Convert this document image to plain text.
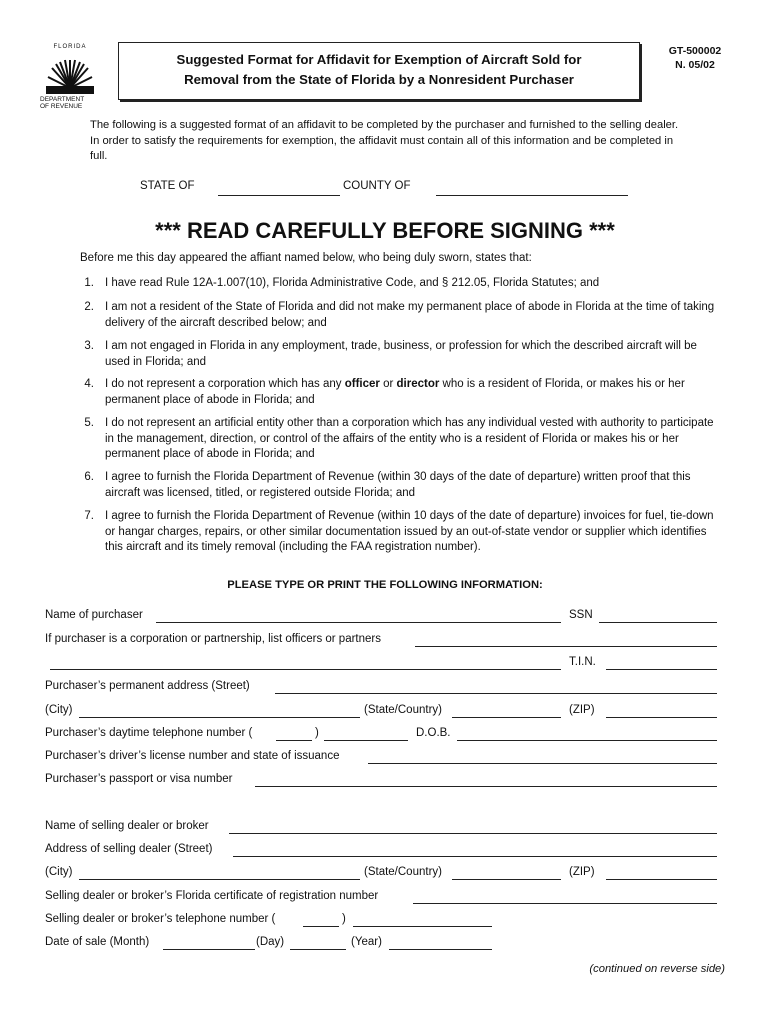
FLORIDA
DEPARTMENT
OF REVENUE
Suggested Format for Affidavit for Exemption of Aircraft Sold for
Removal from the State of Florida by a Nonresident Purchaser
GT-500002
N. 05/02
The following is a suggested format of an affidavit to be completed by the purchaser and furnished to the selling dealer. In order to satisfy the requirements for exemption, the affidavit must contain all of this information and be completed in full.
STATE OF	COUNTY OF
*** READ CAREFULLY BEFORE SIGNING ***
Before me this day appeared the affiant named below, who being duly sworn, states that:
1. I have read Rule 12A-1.007(10), Florida Administrative Code, and § 212.05, Florida Statutes; and
2. I am not a resident of the State of Florida and did not make my permanent place of abode in Florida at the time of taking delivery of the aircraft described below; and
3. I am not engaged in Florida in any employment, trade, business, or profession for which the described aircraft will be used in Florida; and
4. I do not represent a corporation which has any officer or director who is a resident of Florida, or makes his or her permanent place of abode in Florida; and
5. I do not represent an artificial entity other than a corporation which has any individual vested with authority to participate in the management, direction, or control of the affairs of the entity who is a resident of Florida or makes his or her permanent place of abode in Florida; and
6. I agree to furnish the Florida Department of Revenue (within 30 days of the date of departure) written proof that this aircraft was licensed, titled, or registered outside Florida; and
7. I agree to furnish the Florida Department of Revenue (within 10 days of the date of departure) invoices for fuel, tie-down or hangar charges, repairs, or other similar documentation issued by an out-of-state vendor or supplier which identifies this aircraft and its timely removal (including the FAA registration number).
PLEASE TYPE OR PRINT THE FOLLOWING INFORMATION:
Name of purchaser	SSN
If purchaser is a corporation or partnership, list officers or partners
T.I.N.
Purchaser’s permanent address (Street)
(City)	(State/Country)	(ZIP)
Purchaser’s daytime telephone number (	)	D.O.B.
Purchaser’s driver’s license number and state of issuance
Purchaser’s passport or visa number
Name of selling dealer or broker
Address of selling dealer (Street)
(City)	(State/Country)	(ZIP)
Selling dealer or broker’s Florida certificate of registration number
Selling dealer or broker’s telephone number (	)
Date of sale (Month)	(Day)	(Year)
(continued on reverse side)
